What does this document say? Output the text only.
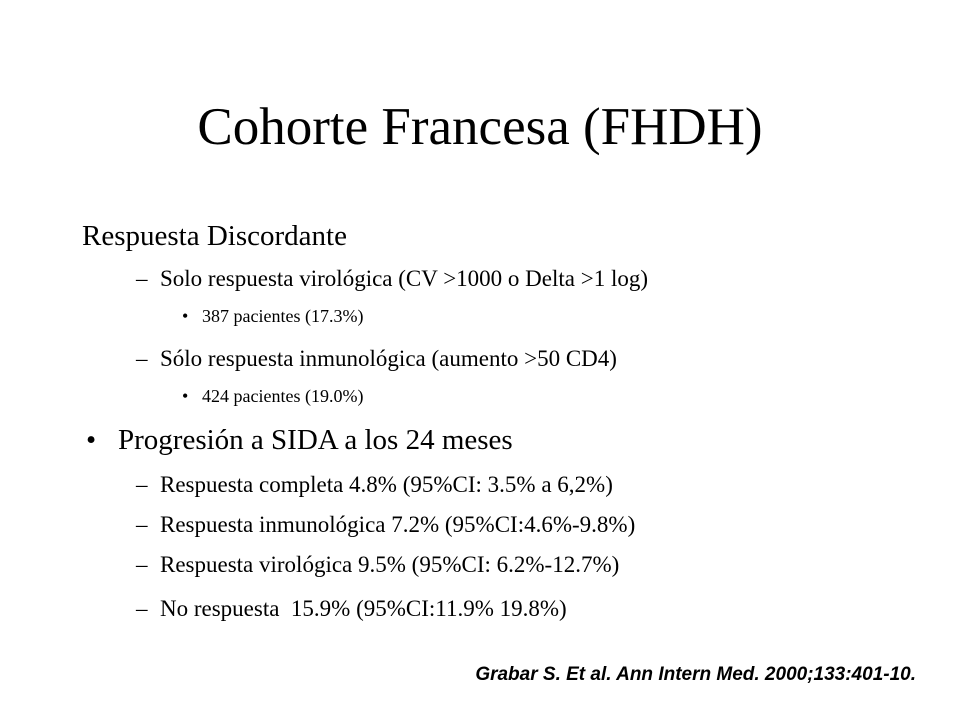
Cohorte Francesa (FHDH)
Respuesta Discordante
– Solo respuesta virológica (CV >1000 o Delta >1 log)
• 387 pacientes (17.3%)
– Sólo respuesta inmunológica (aumento >50 CD4)
• 424 pacientes (19.0%)
• Progresión a SIDA a los 24 meses
– Respuesta completa 4.8% (95%CI: 3.5% a 6,2%)
– Respuesta inmunológica 7.2% (95%CI:4.6%-9.8%)
– Respuesta virológica 9.5% (95%CI: 6.2%-12.7%)
– No respuesta  15.9% (95%CI:11.9% 19.8%)
Grabar S. Et al. Ann Intern Med. 2000;133:401-10.
